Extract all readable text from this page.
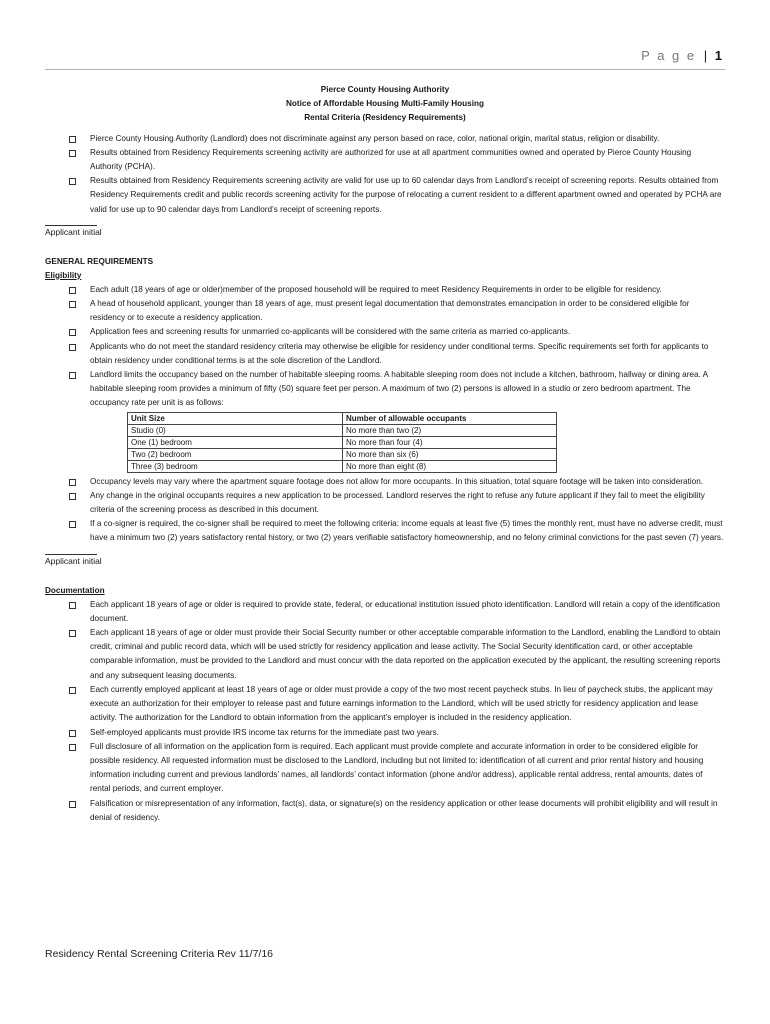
P a g e | 1
Pierce County Housing Authority
Notice of Affordable Housing Multi-Family Housing
Rental Criteria (Residency Requirements)
Pierce County Housing Authority (Landlord) does not discriminate against any person based on race, color, national origin, marital status, religion or disability.
Results obtained from Residency Requirements screening activity are authorized for use at all apartment communities owned and operated by Pierce County Housing Authority (PCHA).
Results obtained from Residency Requirements screening activity are valid for use up to 60 calendar days from Landlord’s receipt of screening reports. Results obtained from Residency Requirements credit and public records screening activity for the purpose of relocating a current resident to a different apartment owned and operated by PCHA are valid for use up to 90 calendar days from Landlord’s receipt of screening reports.
Applicant initial
GENERAL REQUIREMENTS
Eligibility
Each adult (18 years of age or older)member of the proposed household will be required to meet Residency Requirements in order to be eligible for residency.
A head of household applicant, younger than 18 years of age, must present legal documentation that demonstrates emancipation in order to be considered eligible for residency or to execute a residency application.
Application fees and screening results for unmarried co-applicants will be considered with the same criteria as married co-applicants.
Applicants who do not meet the standard residency criteria may otherwise be eligible for residency under conditional terms. Specific requirements set forth for applicants to obtain residency under conditional terms is at the sole discretion of the Landlord.
Landlord limits the occupancy based on the number of habitable sleeping rooms. A habitable sleeping room does not include a kitchen, bathroom, hallway or dining area. A habitable sleeping room provides a minimum of fifty (50) square feet per person. A maximum of two (2) persons is allowed in a studio or zero bedroom apartment. The occupancy rate per unit is as follows:
Unit Size	Number of allowable occupants
Studio (0)	No more than two (2)
One (1) bedroom	No more than four (4)
Two (2) bedroom	No more than six (6)
Three (3) bedroom	No more than eight (8)
Occupancy levels may vary where the apartment square footage does not allow for more occupants. In this situation, total square footage will be taken into consideration.
Any change in the original occupants requires a new application to be processed. Landlord reserves the right to refuse any future applicant if they fail to meet the eligibility criteria of the screening process as described in this document.
If a co-signer is required, the co-signer shall be required to meet the following criteria: income equals at least five (5) times the monthly rent, must have no adverse credit, must have a minimum two (2) years satisfactory rental history, or two (2) years verifiable satisfactory homeownership, and no felony criminal convictions for the past seven (7) years.
Applicant initial
Documentation
Each applicant 18 years of age or older is required to provide state, federal, or educational institution issued photo identification. Landlord will retain a copy of the identification document.
Each applicant 18 years of age or older must provide their Social Security number or other acceptable comparable information to the Landlord, enabling the Landlord to obtain credit, criminal and public record data, which will be used strictly for residency application and lease activity. The Social Security identification card, or other acceptable comparable information, must be provided to the Landlord and must concur with the data reported on the application executed by the applicant, the resulting screening reports and any subsequent leasing documents.
Each currently employed applicant at least 18 years of age or older must provide a copy of the two most recent paycheck stubs. In lieu of paycheck stubs, the applicant may execute an authorization for their employer to release past and future earnings information to the Landlord, which will be used strictly for residency application and lease activity. The authorization for the Landlord to obtain information from the applicant’s employer is included in the residency application.
Self-employed applicants must provide IRS income tax returns for the immediate past two years.
Full disclosure of all information on the application form is required. Each applicant must provide complete and accurate information in order to be considered eligible for possible residency. All requested information must be disclosed to the Landlord, including but not limited to: identification of all current and prior rental history and housing information including current and previous landlords’ names, all landlords’ contact information (phone and/or address), applicable rental address, rental amounts, dates of rental periods, and current employer.
Falsification or misrepresentation of any information, fact(s), data, or signature(s) on the residency application or other lease documents will prohibit eligibility and will result in denial of residency.
Residency Rental Screening Criteria Rev 11/7/16
